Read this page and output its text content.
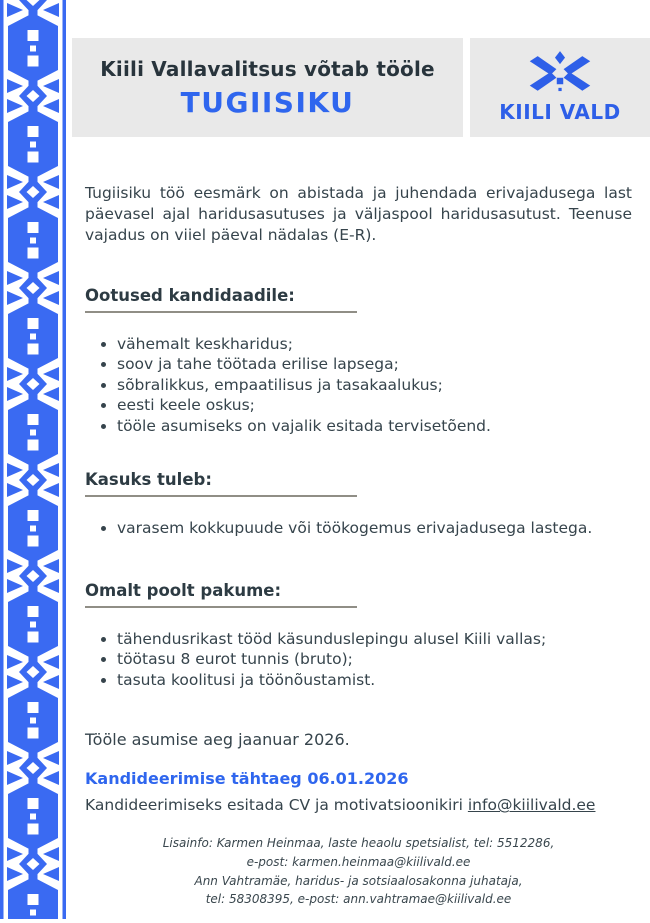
Kiili Vallavalitsus võtab tööle
TUGIISIKU	KIILI VALD

Tugiisiku töö eesmärk on abistada ja juhendada erivajadusega last päevasel ajal haridusasutuses ja väljaspool haridusasutust. Teenuse vajadus on viiel päeval nädalas (E-R).

Ootused kandidaadile:
• vähemalt keskharidus;
• soov ja tahe töötada erilise lapsega;
• sõbralikkus, empaatilisus ja tasakaalukus;
• eesti keele oskus;
• tööle asumiseks on vajalik esitada tervisetõend.
Kasuks tuleb:
• varasem kokkupuude või töökogemus erivajadusega lastega.
Omalt poolt pakume:
• tähendusrikast tööd käsunduslepingu alusel Kiili vallas;
• töötasu 8 eurot tunnis (bruto);
• tasuta koolitusi ja töönõustamist.
Tööle asumise aeg jaanuar 2026.
Kandideerimise tähtaeg 06.01.2026
Kandideerimiseks esitada CV ja motivatsioonikiri info@kiilivald.ee
Lisainfo: Karmen Heinmaa, laste heaolu spetsialist, tel: 5512286,
e-post: karmen.heinmaa@kiilivald.ee
Ann Vahtramäe, haridus- ja sotsiaalosakonna juhataja,
tel: 58308395, e-post: ann.vahtramae@kiilivald.ee
